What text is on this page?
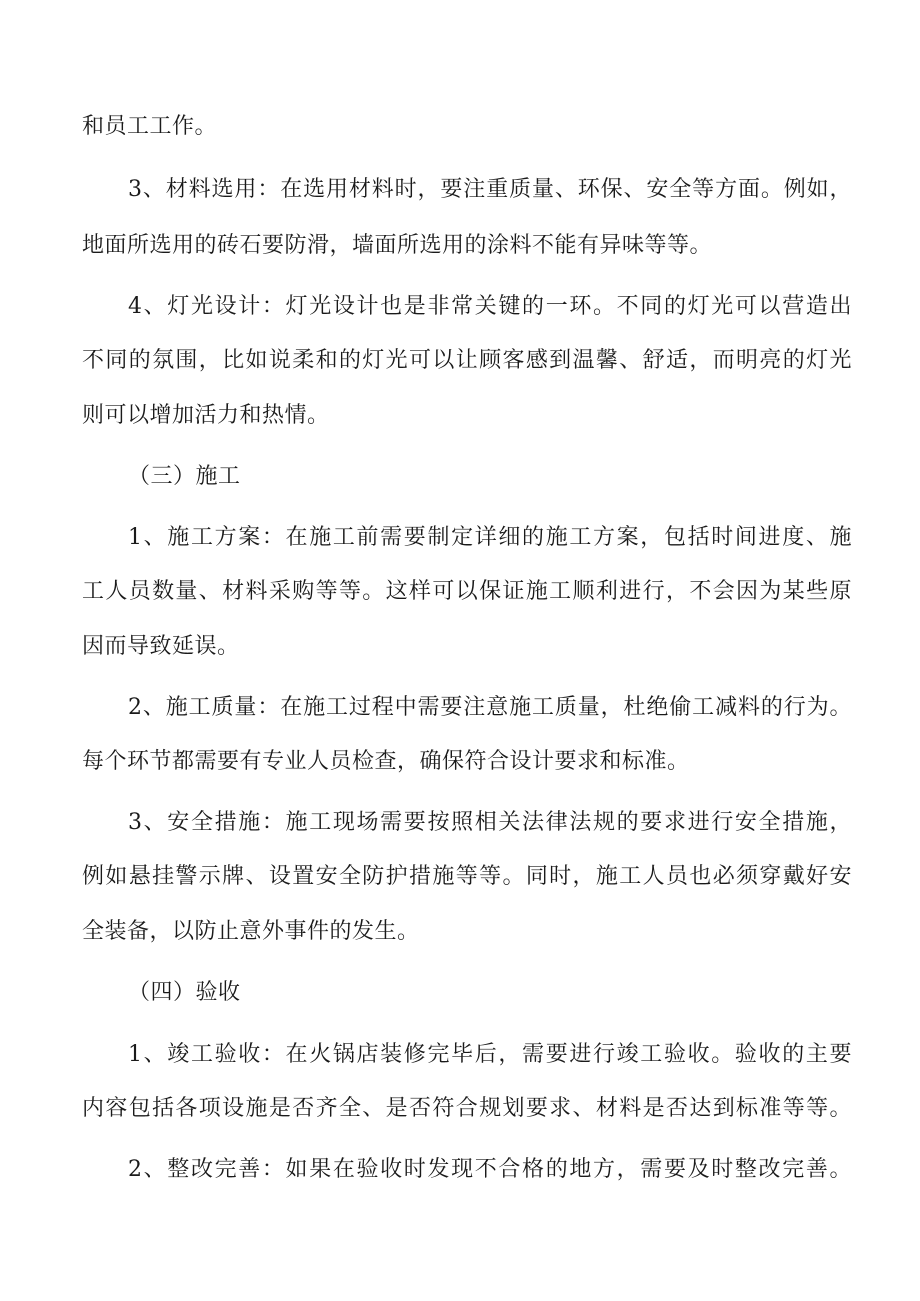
和员工工作。
3、材料选用：在选用材料时，要注重质量、环保、安全等方面。例如，
地面所选用的砖石要防滑，墙面所选用的涂料不能有异味等等。
4、灯光设计：灯光设计也是非常关键的一环。不同的灯光可以营造出
不同的氛围，比如说柔和的灯光可以让顾客感到温馨、舒适，而明亮的灯光
则可以增加活力和热情。
（三）施工
1、施工方案：在施工前需要制定详细的施工方案，包括时间进度、施
工人员数量、材料采购等等。这样可以保证施工顺利进行，不会因为某些原
因而导致延误。
2、施工质量：在施工过程中需要注意施工质量，杜绝偷工减料的行为。
每个环节都需要有专业人员检查，确保符合设计要求和标准。
3、安全措施：施工现场需要按照相关法律法规的要求进行安全措施，
例如悬挂警示牌、设置安全防护措施等等。同时，施工人员也必须穿戴好安
全装备，以防止意外事件的发生。
（四）验收
1、竣工验收：在火锅店装修完毕后，需要进行竣工验收。验收的主要
内容包括各项设施是否齐全、是否符合规划要求、材料是否达到标准等等。
2、整改完善：如果在验收时发现不合格的地方，需要及时整改完善。
